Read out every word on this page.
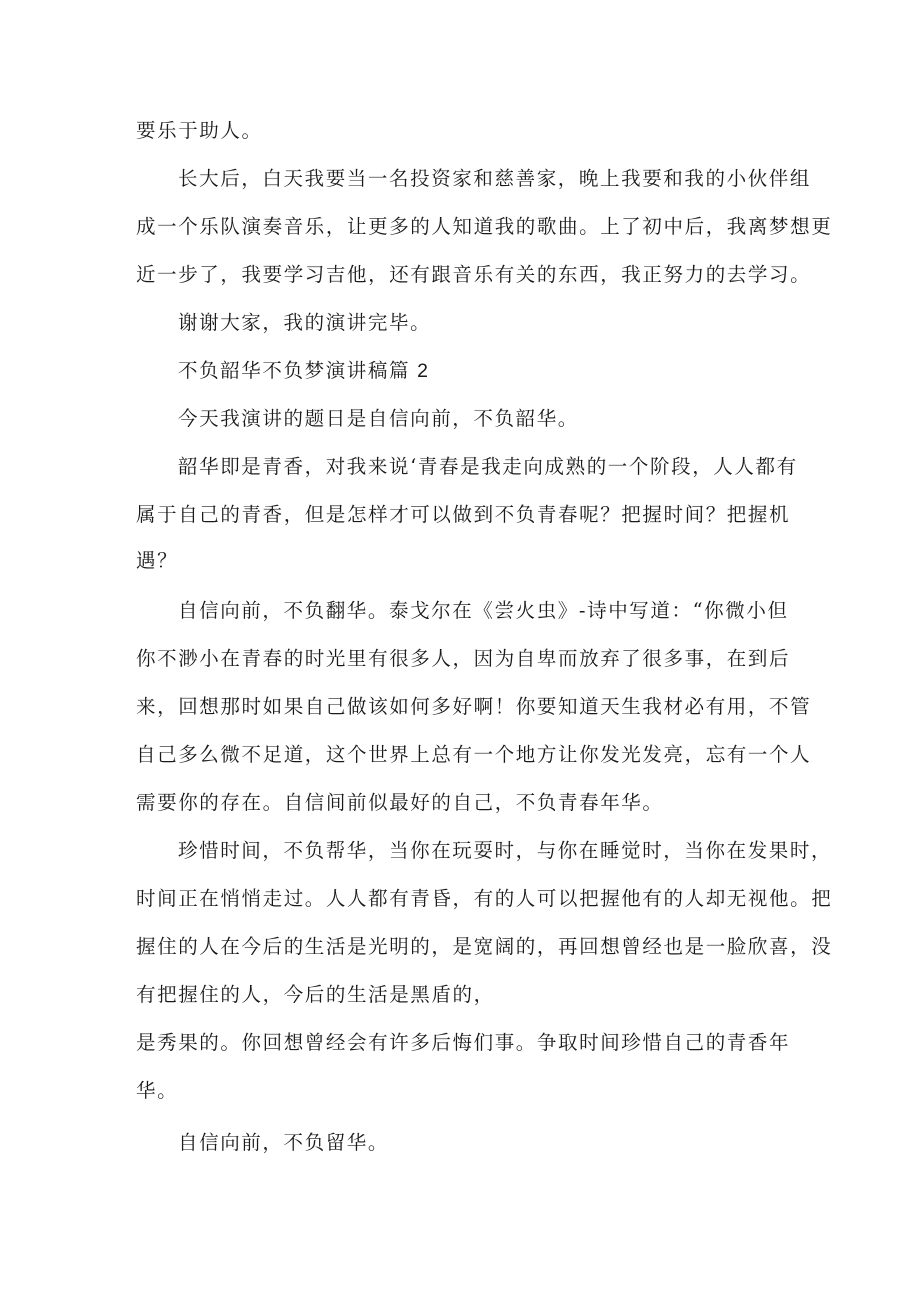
要乐于助人。

长大后，白天我要当一名投资家和慈善家，晚上我要和我的小伙伴组

成一个乐队演奏音乐，让更多的人知道我的歌曲。上了初中后，我离梦想更

近一步了，我要学习吉他，还有跟音乐有关的东西，我正努力的去学习。

谢谢大家，我的演讲完毕。

不负韶华不负梦演讲稿篇 2

今天我演讲的题日是自信向前，不负韶华。

韶华即是青香，对我来说‘青春是我走向成熟的一个阶段，人人都有

属于自己的青香，但是怎样才可以做到不负青春呢？把握时间？把握机

遇？

自信向前，不负翻华。泰戈尔在《尝火虫》-诗中写道：“你微小但

你不渺小在青春的时光里有很多人，因为自卑而放弃了很多事，在到后

来，回想那时如果自己做该如何多好啊！你要知道天生我材必有用，不管

自己多么微不足道，这个世界上总有一个地方让你发光发亮，忘有一个人

需要你的存在。自信间前似最好的自己，不负青春年华。

珍惜时间，不负帮华，当你在玩耍时，与你在睡觉时，当你在发果时，

时间正在悄悄走过。人人都有青昏，有的人可以把握他有的人却无视他。把

握住的人在今后的生活是光明的，是宽阔的，再回想曾经也是一脸欣喜，没

有把握住的人，今后的生活是黑盾的，

是秀果的。你回想曾经会有许多后悔们事。争取时间珍惜自己的青香年

华。

自信向前，不负留华。
